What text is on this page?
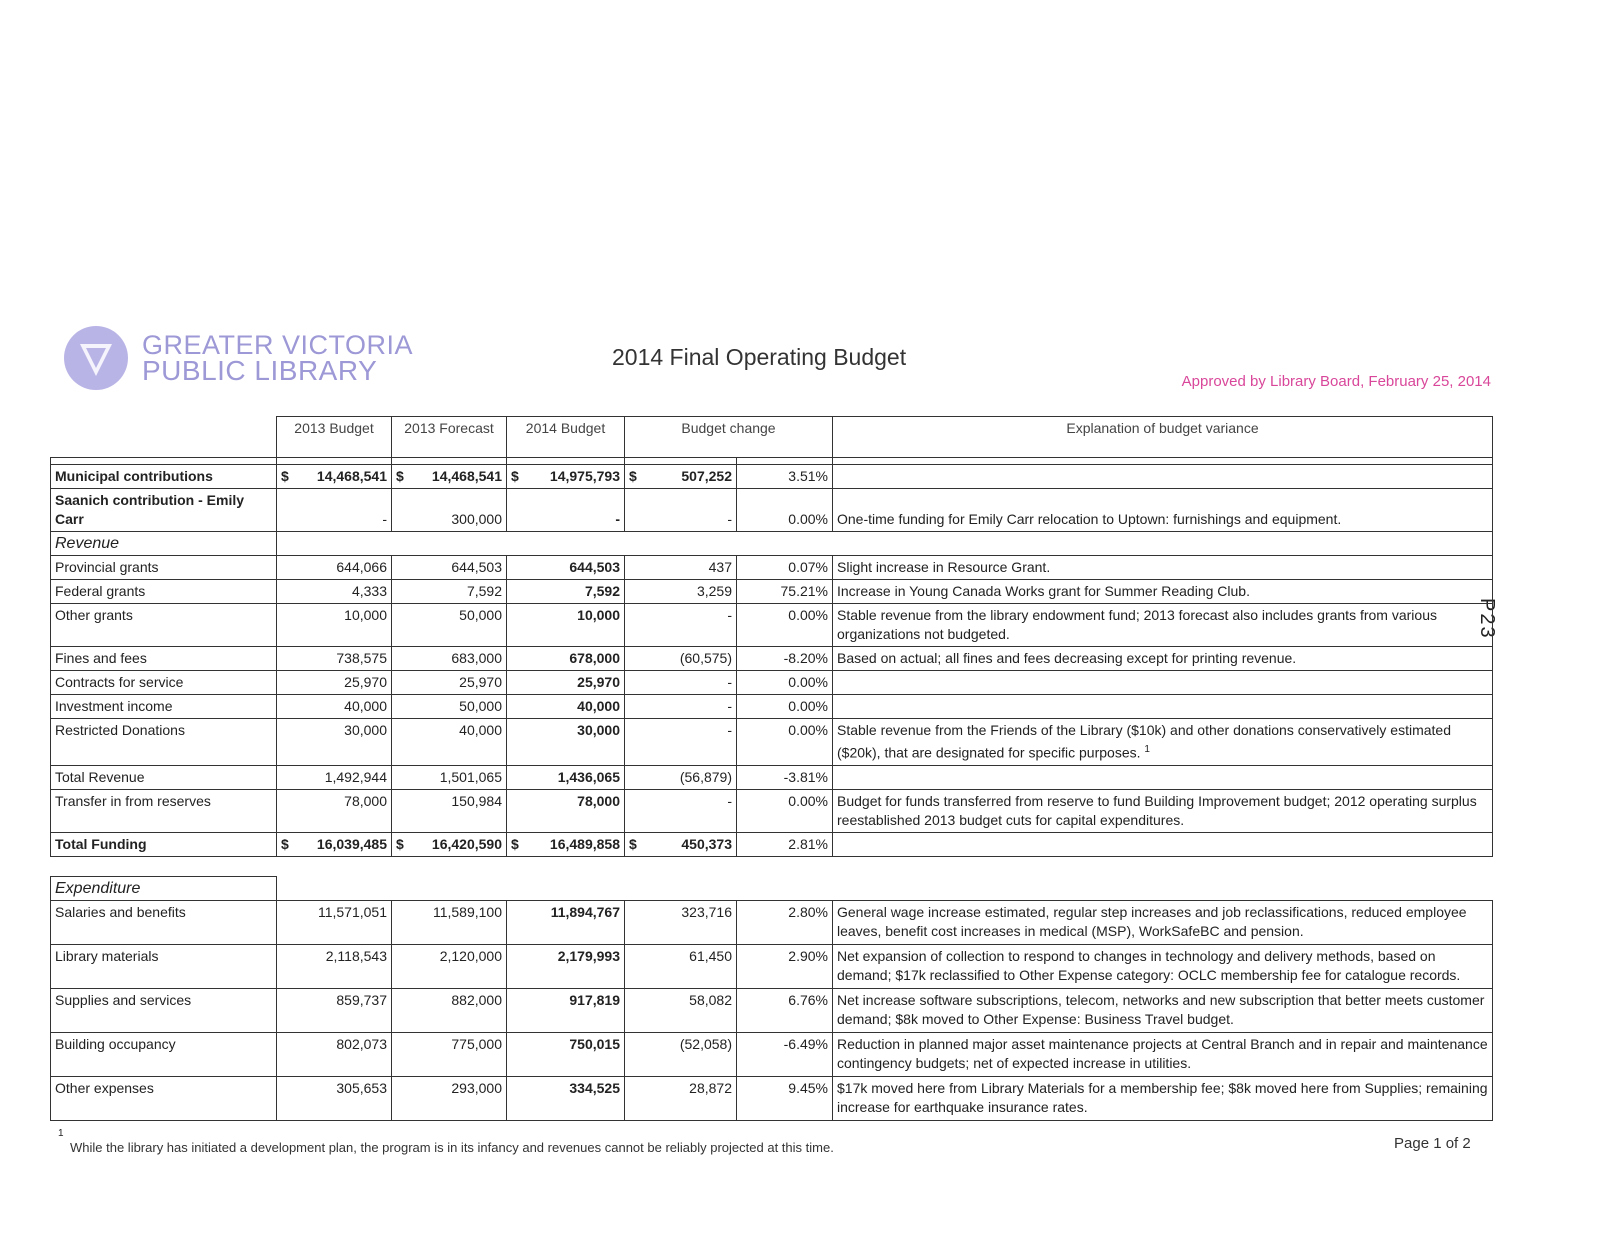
GREATER VICTORIA
PUBLIC LIBRARY	2014 Final Operating Budget
Approved by Library Board, February 25, 2014
P23
	2013 Budget	2013 Forecast	2014 Budget	Budget change		Explanation of budget variance

Municipal contributions	$ 14,468,541	$ 14,468,541	$ 14,975,793	$ 507,252	3.51%	
Saanich contribution - Emily Carr	-	300,000	-	-	0.00%	One-time funding for Emily Carr relocation to Uptown: furnishings and equipment.
Revenue						
Provincial grants	644,066	644,503	644,503	437	0.07%	Slight increase in Resource Grant.
Federal grants	4,333	7,592	7,592	3,259	75.21%	Increase in Young Canada Works grant for Summer Reading Club.
Other grants	10,000	50,000	10,000	-	0.00%	Stable revenue from the library endowment fund; 2013 forecast also includes grants from various organizations not budgeted.
Fines and fees	738,575	683,000	678,000	(60,575)	-8.20%	Based on actual; all fines and fees decreasing except for printing revenue.
Contracts for service	25,970	25,970	25,970	-	0.00%	
Investment income	40,000	50,000	40,000	-	0.00%	
Restricted Donations	30,000	40,000	30,000	-	0.00%	Stable revenue from the Friends of the Library ($10k) and other donations conservatively estimated ($20k), that are designated for specific purposes. $^1$
Total Revenue	1,492,944	1,501,065	1,436,065	(56,879)	-3.81%	
Transfer in from reserves	78,000	150,984	78,000	-	0.00%	Budget for funds transferred from reserve to fund Building Improvement budget; 2012 operating surplus reestablished 2013 budget cuts for capital expenditures.
Total Funding	$ 16,039,485	$ 16,420,590	$ 16,489,858	$ 450,373	2.81%	
Expenditure						
Salaries and benefits	11,571,051	11,589,100	11,894,767	323,716	2.80%	General wage increase estimated, regular step increases and job reclassifications, reduced employee leaves, benefit cost increases in medical (MSP), WorkSafeBC and pension.
Library materials	2,118,543	2,120,000	2,179,993	61,450	2.90%	Net expansion of collection to respond to changes in technology and delivery methods, based on demand; $17k reclassified to Other Expense category: OCLC membership fee for catalogue records.
Supplies and services	859,737	882,000	917,819	58,082	6.76%	Net increase software subscriptions, telecom, networks and new subscription that better meets customer demand; $8k moved to Other Expense: Business Travel budget.
Building occupancy	802,073	775,000	750,015	(52,058)	-6.49%	Reduction in planned major asset maintenance projects at Central Branch and in repair and maintenance contingency budgets; net of expected increase in utilities.
Other expenses	305,653	293,000	334,525	28,872	9.45%	$17k moved here from Library Materials for a membership fee; $8k moved here from Supplies; remaining increase for earthquake insurance rates.
1
While the library has initiated a development plan, the program is in its infancy and revenues cannot be reliably projected at this time.	Page 1 of 2
